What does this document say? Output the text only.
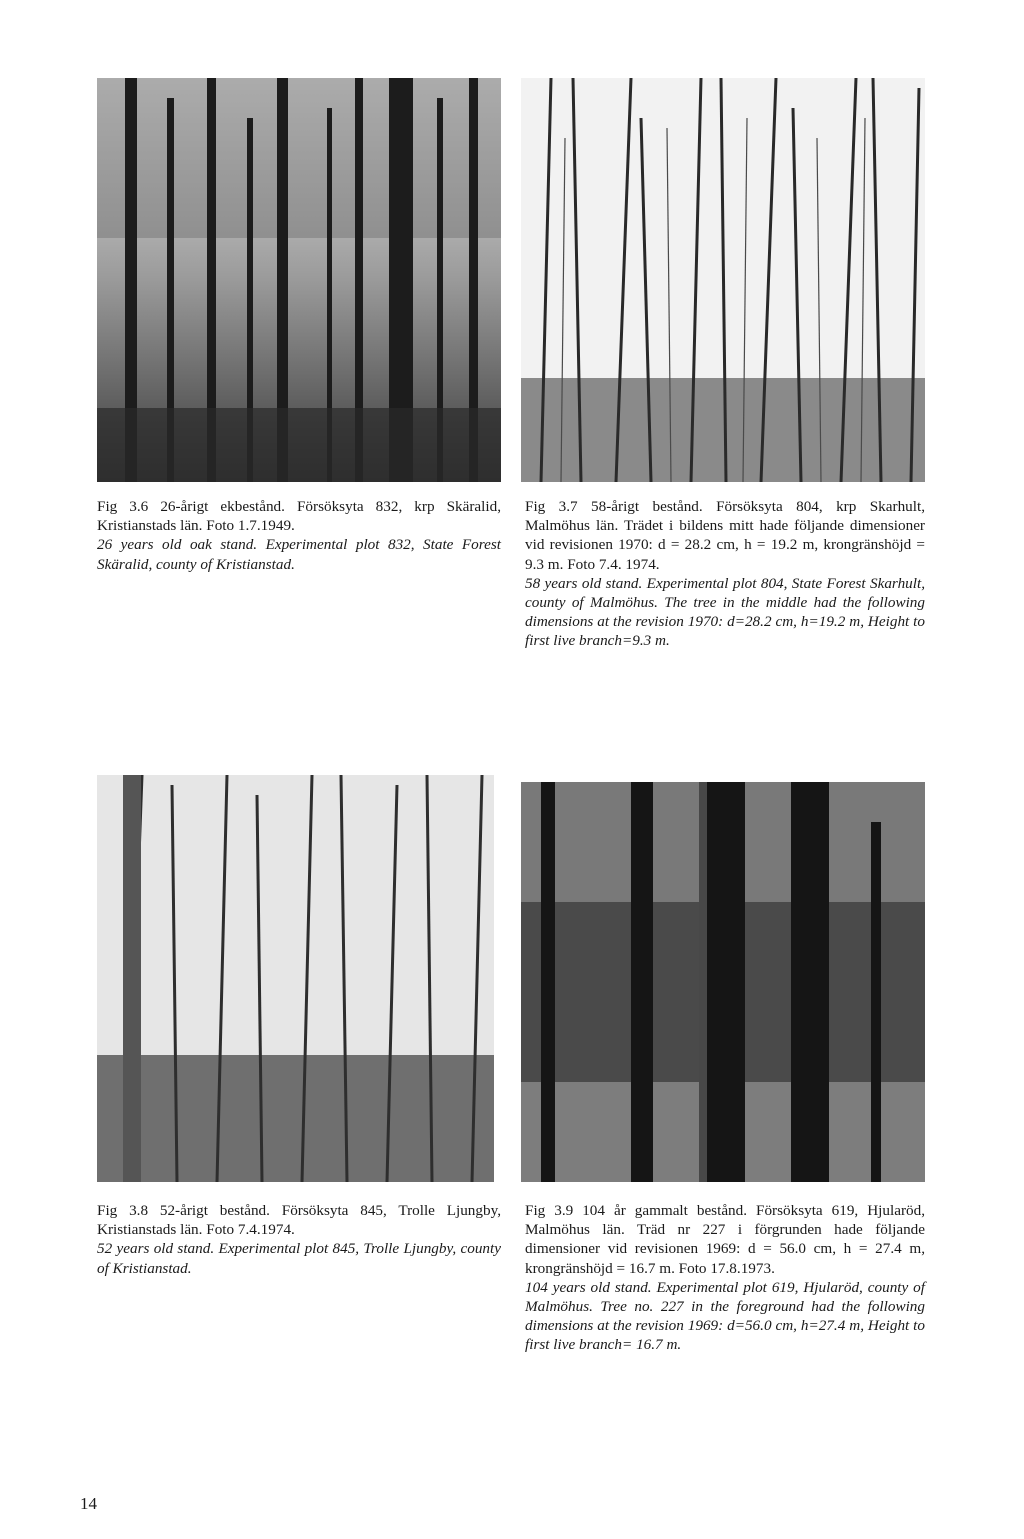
Fig 3.6 26-årigt ekbestånd. Försöksyta 832, krp Skäralid, Kristianstads län. Foto 1.7.1949.

26 years old oak stand. Experimental plot 832, State Forest Skäralid, county of Kristianstad.

Fig 3.7 58-årigt bestånd. Försöksyta 804, krp Skarhult, Malmöhus län. Trädet i bildens mitt hade följande dimensioner vid revisionen 1970: d = 28.2 cm, h = 19.2 m, krongränshöjd = 9.3 m. Foto 7.4. 1974.

58 years old stand. Experimental plot 804, State Forest Skarhult, county of Malmöhus. The tree in the middle had the following dimensions at the revision 1970: d=28.2 cm, h=19.2 m, Height to first live branch=9.3 m.

Fig 3.8 52-årigt bestånd. Försöksyta 845, Trolle Ljungby, Kristianstads län. Foto 7.4.1974.

52 years old stand. Experimental plot 845, Trolle Ljungby, county of Kristianstad.

Fig 3.9 104 år gammalt bestånd. Försöksyta 619, Hjularöd, Malmöhus län. Träd nr 227 i förgrunden hade följande dimensioner vid revisionen 1969: d = 56.0 cm, h = 27.4 m, krongränshöjd = 16.7 m. Foto 17.8.1973.

104 years old stand. Experimental plot 619, Hjularöd, county of Malmöhus. Tree no. 227 in the foreground had the following dimensions at the revision 1969: d=56.0 cm, h=27.4 m, Height to first live branch= 16.7 m.

14
